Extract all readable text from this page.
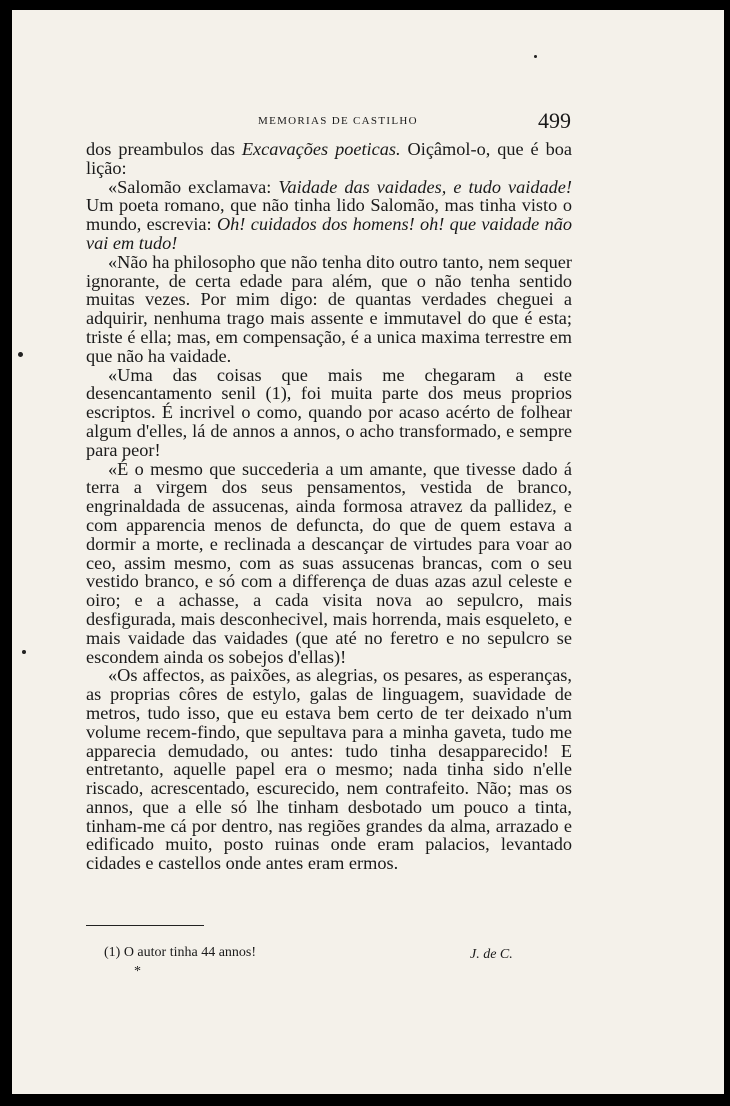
MEMORIAS DE CASTILHO	499

dos preambulos das Excavações poeticas. Oiçâmol-o, que é boa lição:

«Salomão exclamava: Vaidade das vaidades, e tudo vaidade! Um poeta romano, que não tinha lido Salomão, mas tinha visto o mundo, escrevia: Oh! cuidados dos homens! oh! que vaidade não vai em tudo!

«Não ha philosopho que não tenha dito outro tanto, nem sequer ignorante, de certa edade para além, que o não tenha sentido muitas vezes. Por mim digo: de quantas verdades cheguei a adquirir, nenhuma trago mais assente e immutavel do que é esta; triste é ella; mas, em compensação, é a unica maxima terrestre em que não ha vaidade.

«Uma das coisas que mais me chegaram a este desencantamento senil (1), foi muita parte dos meus proprios escriptos. É incrivel o como, quando por acaso acérto de folhear algum d'elles, lá de annos a annos, o acho transformado, e sempre para peor!

«É o mesmo que succederia a um amante, que tivesse dado á terra a virgem dos seus pensamentos, vestida de branco, engrinaldada de assucenas, ainda formosa atravez da pallidez, e com apparencia menos de defuncta, do que de quem estava a dormir a morte, e reclinada a descançar de virtudes para voar ao ceo, assim mesmo, com as suas assucenas brancas, com o seu vestido branco, e só com a differença de duas azas azul celeste e oiro; e a achasse, a cada visita nova ao sepulcro, mais desfigurada, mais desconhecivel, mais horrenda, mais esqueleto, e mais vaidade das vaidades (que até no feretro e no sepulcro se escondem ainda os sobejos d'ellas)!

«Os affectos, as paixões, as alegrias, os pesares, as esperanças, as proprias côres de estylo, galas de linguagem, suavidade de metros, tudo isso, que eu estava bem certo de ter deixado n'um volume recem-findo, que sepultava para a minha gaveta, tudo me apparecia demudado, ou antes: tudo tinha desapparecido! E entretanto, aquelle papel era o mesmo; nada tinha sido n'elle riscado, acrescentado, escurecido, nem contrafeito. Não; mas os annos, que a elle só lhe tinham desbotado um pouco a tinta, tinham-me cá por dentro, nas regiões grandes da alma, arrazado e edificado muito, posto ruinas onde eram palacios, levantado cidades e castellos onde antes eram ermos.

(1) O autor tinha 44 annos!	J. de C.
*
